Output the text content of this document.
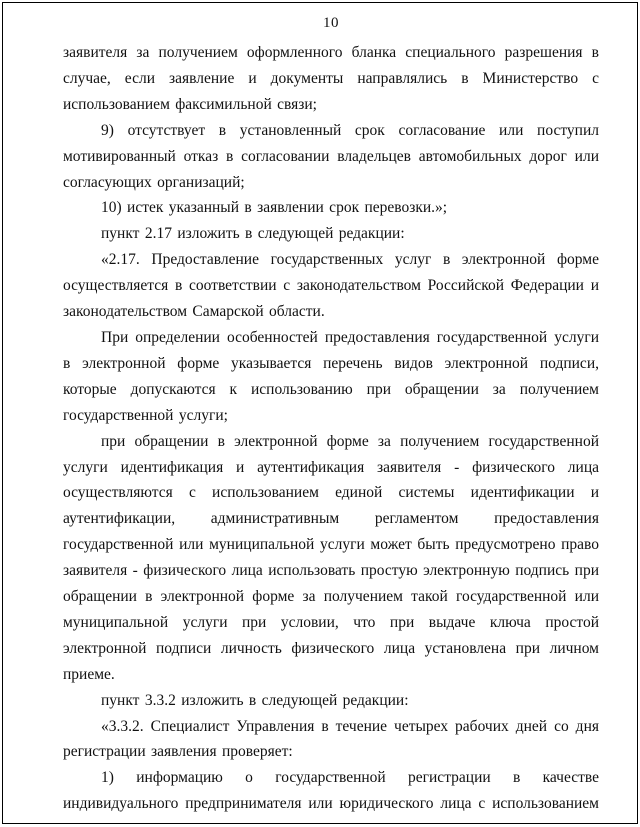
10

заявителя за получением оформленного бланка специального разрешения в случае, если заявление и документы направлялись в Министерство с использованием факсимильной связи;

9) отсутствует в установленный срок согласование или поступил мотивированный отказ в согласовании владельцев автомобильных дорог или согласующих организаций;

10) истек указанный в заявлении срок перевозки.»;

пункт 2.17 изложить в следующей редакции:

«2.17. Предоставление государственных услуг в электронной форме осуществляется в соответствии с законодательством Российской Федерации и законодательством Самарской области.

При определении особенностей предоставления государственной услуги в электронной форме указывается перечень видов электронной подписи, которые допускаются к использованию при обращении за получением государственной услуги;

при обращении в электронной форме за получением государственной услуги идентификация и аутентификация заявителя - физического лица осуществляются с использованием единой системы идентификации и аутентификации, административным регламентом предоставления государственной или муниципальной услуги может быть предусмотрено право заявителя - физического лица использовать простую электронную подпись при обращении в электронной форме за получением такой государственной или муниципальной услуги при условии, что при выдаче ключа простой электронной подписи личность физического лица установлена при личном приеме.

пункт 3.3.2 изложить в следующей редакции:

«3.3.2. Специалист Управления в течение четырех рабочих дней со дня регистрации заявления проверяет:

1) информацию о государственной регистрации в качестве индивидуального предпринимателя или юридического лица с использованием
